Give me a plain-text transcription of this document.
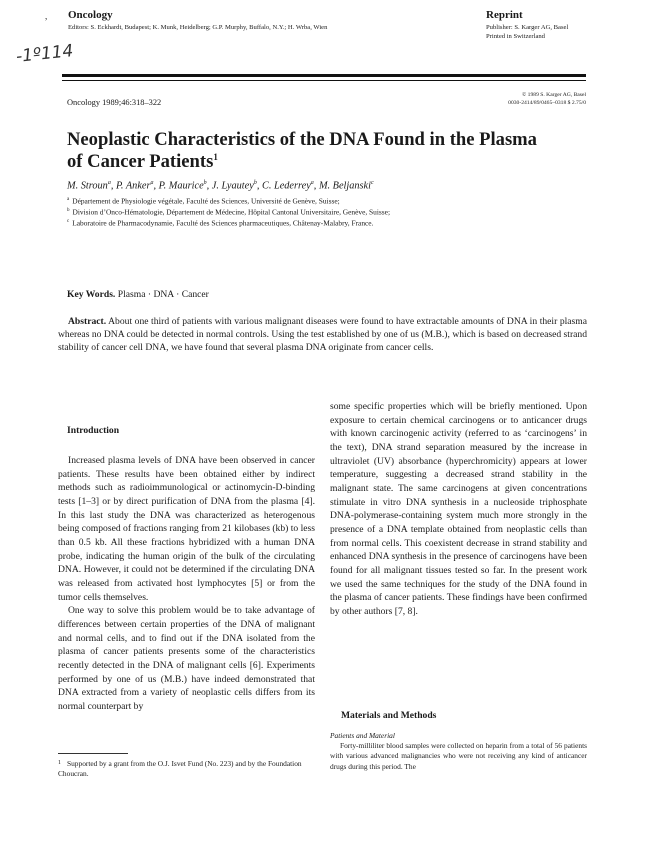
, Oncology
Editors: S. Eckhardt, Budapest; K. Munk, Heidelberg; G.P. Murphy, Buffalo, N.Y.; H. Wrba, Wien
Reprint
Publisher: S. Karger AG, Basel
Printed in Switzerland
-1º114
Oncology 1989;46:318–322
© 1989 S. Karger AG, Basel
0030-2414/89/0465–0318 $ 2.75/0
Neoplastic Characteristics of the DNA Found in the Plasma of Cancer Patients$^1$
M. Stroun$^a$, P. Anker$^a$, P. Maurice$^b$, J. Lyautey$^b$, C. Lederrey$^a$, M. Beljanski$^c$
$^a$ Département de Physiologie végétale, Faculté des Sciences, Université de Genève, Suisse;
$^b$ Division d’Onco-Hématologie, Département de Médecine, Hôpital Cantonal Universitaire, Genève, Suisse;
$^c$ Laboratoire de Pharmacodynamie, Faculté des Sciences pharmaceutiques, Châtenay-Malabry, France.
Key Words. Plasma · DNA · Cancer

Abstract. About one third of patients with various malignant diseases were found to have extractable amounts of DNA in their plasma whereas no DNA could be detected in normal controls. Using the test established by one of us (M.B.), which is based on decreased strand stability of cancer cell DNA, we have found that several plasma DNA originate from cancer cells.

Introduction

Increased plasma levels of DNA have been observed in cancer patients. These results have been obtained either by indirect methods such as radioimmunological or actinomycin-D-binding tests [1–3] or by direct purification of DNA from the plasma [4]. In this last study the DNA was characterized as heterogenous being composed of fractions ranging from 21 kilobases (kb) to less than 0.5 kb. All these fractions hybridized with a human DNA probe, indicating the human origin of the bulk of the circulating DNA. However, it could not be determined if the circulating DNA was released from activated host lymphocytes [5] or from the tumor cells themselves.

One way to solve this problem would be to take advantage of differences between certain properties of the DNA of malignant and normal cells, and to find out if the DNA isolated from the plasma of cancer patients presents some of the characteristics recently detected in the DNA of malignant cells [6]. Experiments performed by one of us (M.B.) have indeed demonstrated that DNA extracted from a variety of neoplastic cells differs from its normal counterpart by

some specific properties which will be briefly mentioned. Upon exposure to certain chemical carcinogens or to anticancer drugs with known carcinogenic activity (referred to as ‘carcinogens’ in the text), DNA strand separation measured by the increase in ultraviolet (UV) absorbance (hyperchromicity) appears at lower temperature, suggesting a decreased strand stability in the malignant state. The same carcinogens at given concentrations stimulate in vitro DNA synthesis in a nucleoside triphosphate DNA-polymerase-containing system much more strongly in the presence of a DNA template obtained from neoplastic cells than from normal cells. This coexistent decrease in strand stability and enhanced DNA synthesis in the presence of carcinogens have been found for all malignant tissues tested so far. In the present work we used the same techniques for the study of the DNA found in the plasma of cancer patients. These findings have been confirmed by other authors [7, 8].

Materials and Methods
Patients and Material

Forty-milliliter blood samples were collected on heparin from a total of 56 patients with various advanced malignancies who were not receiving any kind of anticancer drugs during this period. The

$^1$ Supported by a grant from the O.J. Isvet Fund (No. 223) and by the Foundation Choucran.
